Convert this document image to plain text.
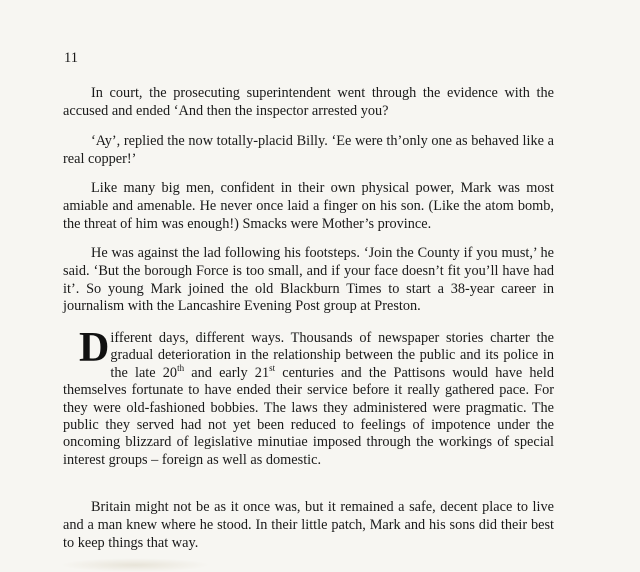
11

In court, the prosecuting superintendent went through the evidence with the accused and ended ‘And then the inspector arrested you?

‘Ay’, replied the now totally-placid Billy. ‘Ee were th’only one as behaved like a real copper!’

Like many big men, confident in their own physical power, Mark was most amiable and amenable. He never once laid a finger on his son. (Like the atom bomb, the threat of him was enough!) Smacks were Mother’s province.

He was against the lad following his footsteps. ‘Join the County if you must,’ he said. ‘But the borough Force is too small, and if your face doesn’t fit you’ll have had it’. So young Mark joined the old Blackburn Times to start a 38-year career in journalism with the Lancashire Evening Post group at Preston.

Different days, different ways. Thousands of newspaper stories charter the gradual deterioration in the relationship between the public and its police in the late 20th and early 21st centuries and the Pattisons would have held themselves fortunate to have ended their service before it really gathered pace. For they were old-fashioned bobbies. The laws they administered were pragmatic. The public they served had not yet been reduced to feelings of impotence under the oncoming blizzard of legislative minutiae imposed through the workings of special interest groups – foreign as well as domestic.

Britain might not be as it once was, but it remained a safe, decent place to live and a man knew where he stood. In their little patch, Mark and his sons did their best to keep things that way.
